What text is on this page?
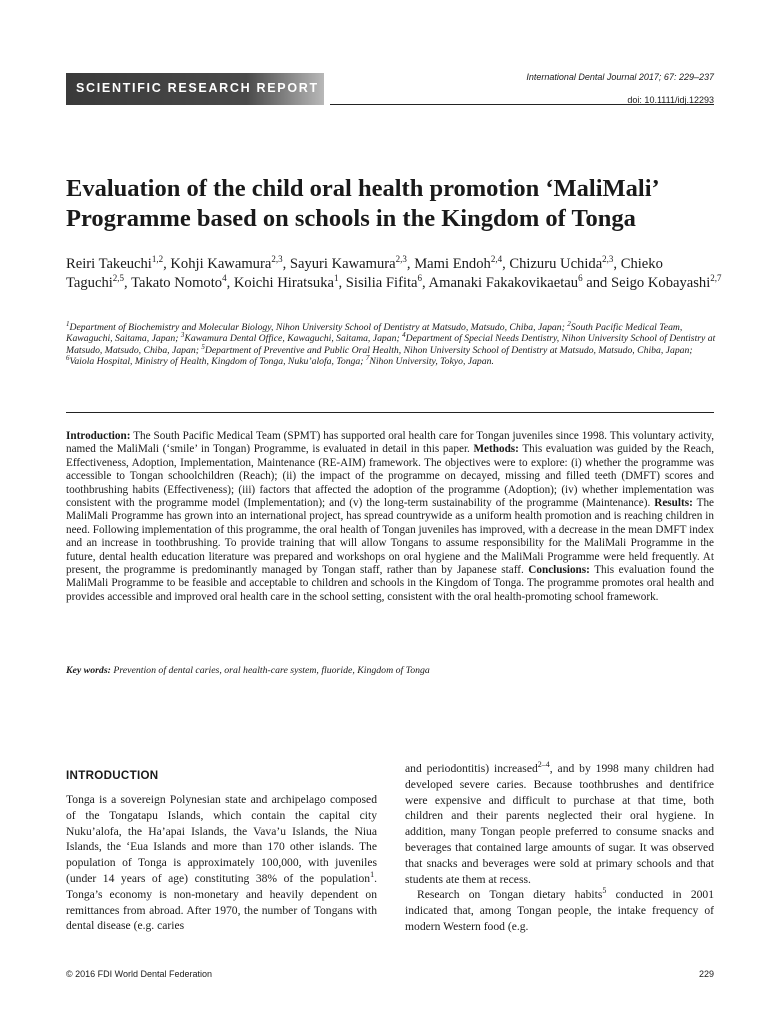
SCIENTIFIC RESEARCH REPORT
International Dental Journal 2017; 67: 229–237
doi: 10.1111/idj.12293
Evaluation of the child oral health promotion ‘MaliMali’ Programme based on schools in the Kingdom of Tonga
Reiri Takeuchi$^{1,2}$, Kohji Kawamura$^{2,3}$, Sayuri Kawamura$^{2,3}$, Mami Endoh$^{2,4}$, Chizuru Uchida$^{2,3}$, Chieko Taguchi$^{2,5}$, Takato Nomoto$^4$, Koichi Hiratsuka$^1$, Sisilia Fifita$^6$, Amanaki Fakakovikaetau$^6$ and Seigo Kobayashi$^{2,7}$
$^1$Department of Biochemistry and Molecular Biology, Nihon University School of Dentistry at Matsudo, Matsudo, Chiba, Japan; $^2$South Pacific Medical Team, Kawaguchi, Saitama, Japan; $^3$Kawamura Dental Office, Kawaguchi, Saitama, Japan; $^4$Department of Special Needs Dentistry, Nihon University School of Dentistry at Matsudo, Matsudo, Chiba, Japan; $^5$Department of Preventive and Public Oral Health, Nihon University School of Dentistry at Matsudo, Matsudo, Chiba, Japan; $^6$Vaiola Hospital, Ministry of Health, Kingdom of Tonga, Nuku’alofa, Tonga; $^7$Nihon University, Tokyo, Japan.
Introduction: The South Pacific Medical Team (SPMT) has supported oral health care for Tongan juveniles since 1998. This voluntary activity, named the MaliMali (‘smile’ in Tongan) Programme, is evaluated in detail in this paper. Methods: This evaluation was guided by the Reach, Effectiveness, Adoption, Implementation, Maintenance (RE-AIM) framework. The objectives were to explore: (i) whether the programme was accessible to Tongan schoolchildren (Reach); (ii) the impact of the programme on decayed, missing and filled teeth (DMFT) scores and toothbrushing habits (Effectiveness); (iii) factors that affected the adoption of the programme (Adoption); (iv) whether implementation was consistent with the programme model (Implementation); and (v) the long-term sustainability of the programme (Maintenance). Results: The MaliMali Programme has grown into an international project, has spread countrywide as a uniform health promotion and is reaching children in need. Following implementation of this programme, the oral health of Tongan juveniles has improved, with a decrease in the mean DMFT index and an increase in toothbrushing. To provide training that will allow Tongans to assume responsibility for the MaliMali Programme in the future, dental health education literature was prepared and workshops on oral hygiene and the MaliMali Programme were held frequently. At present, the programme is predominantly managed by Tongan staff, rather than by Japanese staff. Conclusions: This evaluation found the MaliMali Programme to be feasible and acceptable to children and schools in the Kingdom of Tonga. The programme promotes oral health and provides accessible and improved oral health care in the school setting, consistent with the oral health-promoting school framework.
Key words: Prevention of dental caries, oral health-care system, fluoride, Kingdom of Tonga
INTRODUCTION

Tonga is a sovereign Polynesian state and archipelago composed of the Tongatapu Islands, which contain the capital city Nuku’alofa, the Ha’apai Islands, the Vava’u Islands, the Niua Islands, the ‘Eua Islands and more than 170 other islands. The population of Tonga is approximately 100,000, with juveniles (under 14 years of age) constituting 38% of the population$^1$. Tonga’s economy is non-monetary and heavily dependent on remittances from abroad. After 1970, the number of Tongans with dental disease (e.g. caries

and periodontitis) increased$^{2-4}$, and by 1998 many children had developed severe caries. Because toothbrushes and dentifrice were expensive and difficult to purchase at that time, both children and their parents neglected their oral hygiene. In addition, many Tongan people preferred to consume snacks and beverages that contained large amounts of sugar. It was observed that snacks and beverages were sold at primary schools and that students ate them at recess.

Research on Tongan dietary habits$^5$ conducted in 2001 indicated that, among Tongan people, the intake frequency of modern Western food (e.g.

© 2016 FDI World Dental Federation	229
